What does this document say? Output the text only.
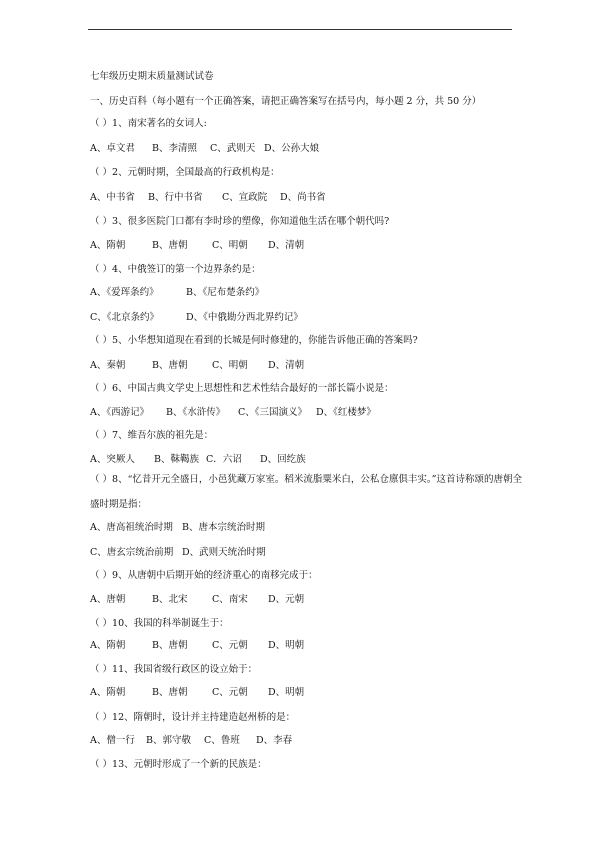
七年级历史期末质量测试试卷
一、历史百科（每小题有一个正确答案，请把正确答案写在括号内，每小题 2 分，共 50 分）
（ ）1、南宋著名的女词人:
A、卓文君 B、李清照 C、武则天 D、公孙大娘
（ ）2、元朝时期，全国最高的行政机构是：
A、中书省 B、行中书省 C、宣政院 D、尚书省
（ ）3、很多医院门口都有李时珍的塑像，你知道他生活在哪个朝代吗?
A、隋朝	B、唐朝	C、明朝 D、清朝
（ ）4、中俄签订的第一个边界条约是：
A、《爱珲条约》	B、《尼布楚条约》
C、《北京条约》	D、《中俄勘分西北界约记》
（ ）5、小华想知道现在看到的长城是何时修建的，你能告诉他正确的答案吗?
A、秦朝	B、唐朝	C、明朝 D、清朝
（ ）6、中国古典文学史上思想性和艺术性结合最好的一部长篇小说是：
A、《西游记》 B、《水浒传》 C、《三国演义》 D、《红楼梦》
（ ）7、维吾尔族的祖先是：
A、突厥人 B、靺鞨族 C．六诏 D、回纥族
（ ）8、“忆昔开元全盛日，小邑犹藏万家室。稻米流脂粟米白，公私仓廪俱丰实。”这首诗称颂的唐朝全
盛时期是指：
A、唐高祖统治时期 B、唐本宗统治时期
C、唐玄宗统治前期 D、武则天统治时期
（ ）9、从唐朝中后期开始的经济重心的南移完成于：
A、唐朝	B、北宋	C、南宋 D、元朝
（ ）10、我国的科举制诞生于：
A、隋朝	B、唐朝	C、元朝 D、明朝
（ ）11、我国省级行政区的设立始于：
A、隋朝	B、唐朝	C、元朝 D、明朝
（ ）12、隋朝时，设计并主持建造赵州桥的是：
A、僧一行 B、郭守敬 C、鲁班 D、李春
（ ）13、元朝时形成了一个新的民族是：
